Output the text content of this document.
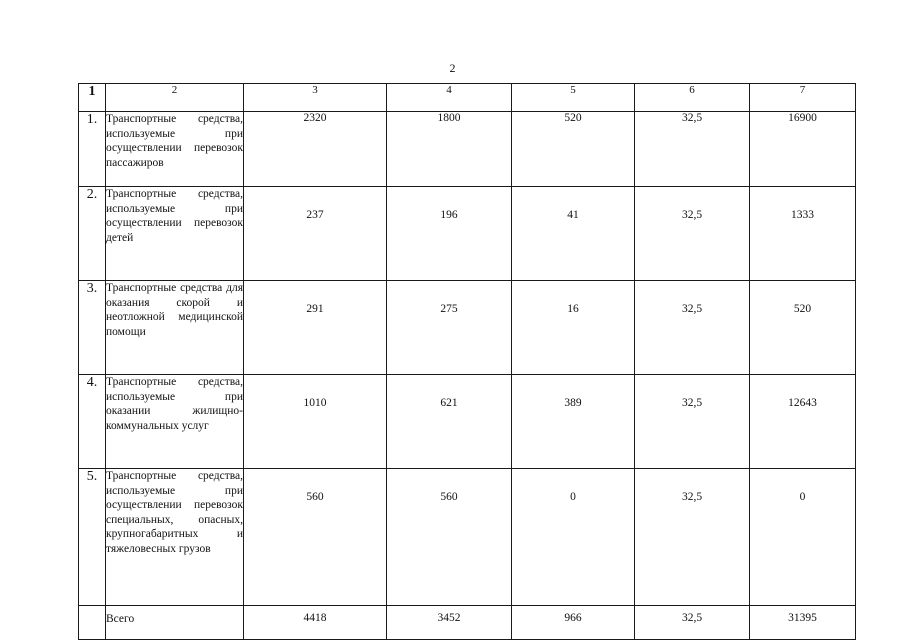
2
1	2	3	4	5	6	7
1.	Транспортные средства, используемые при осуществлении перевозок пассажиров	2320	1800	520	32,5	16900
2.	Транспортные средства, используемые при осуществлении перевозок детей	237	196	41	32,5	1333
3.	Транспортные средства для оказания скорой и неотложной медицинской помощи	291	275	16	32,5	520
4.	Транспортные средства, используемые при оказании жилищно-коммунальных услуг	1010	621	389	32,5	12643
5.	Транспортные средства, используемые при осуществлении перевозок специальных, опасных, крупногабаритных и тяжеловесных грузов	560	560	0	32,5	0
	Всего	4418	3452	966	32,5	31395
